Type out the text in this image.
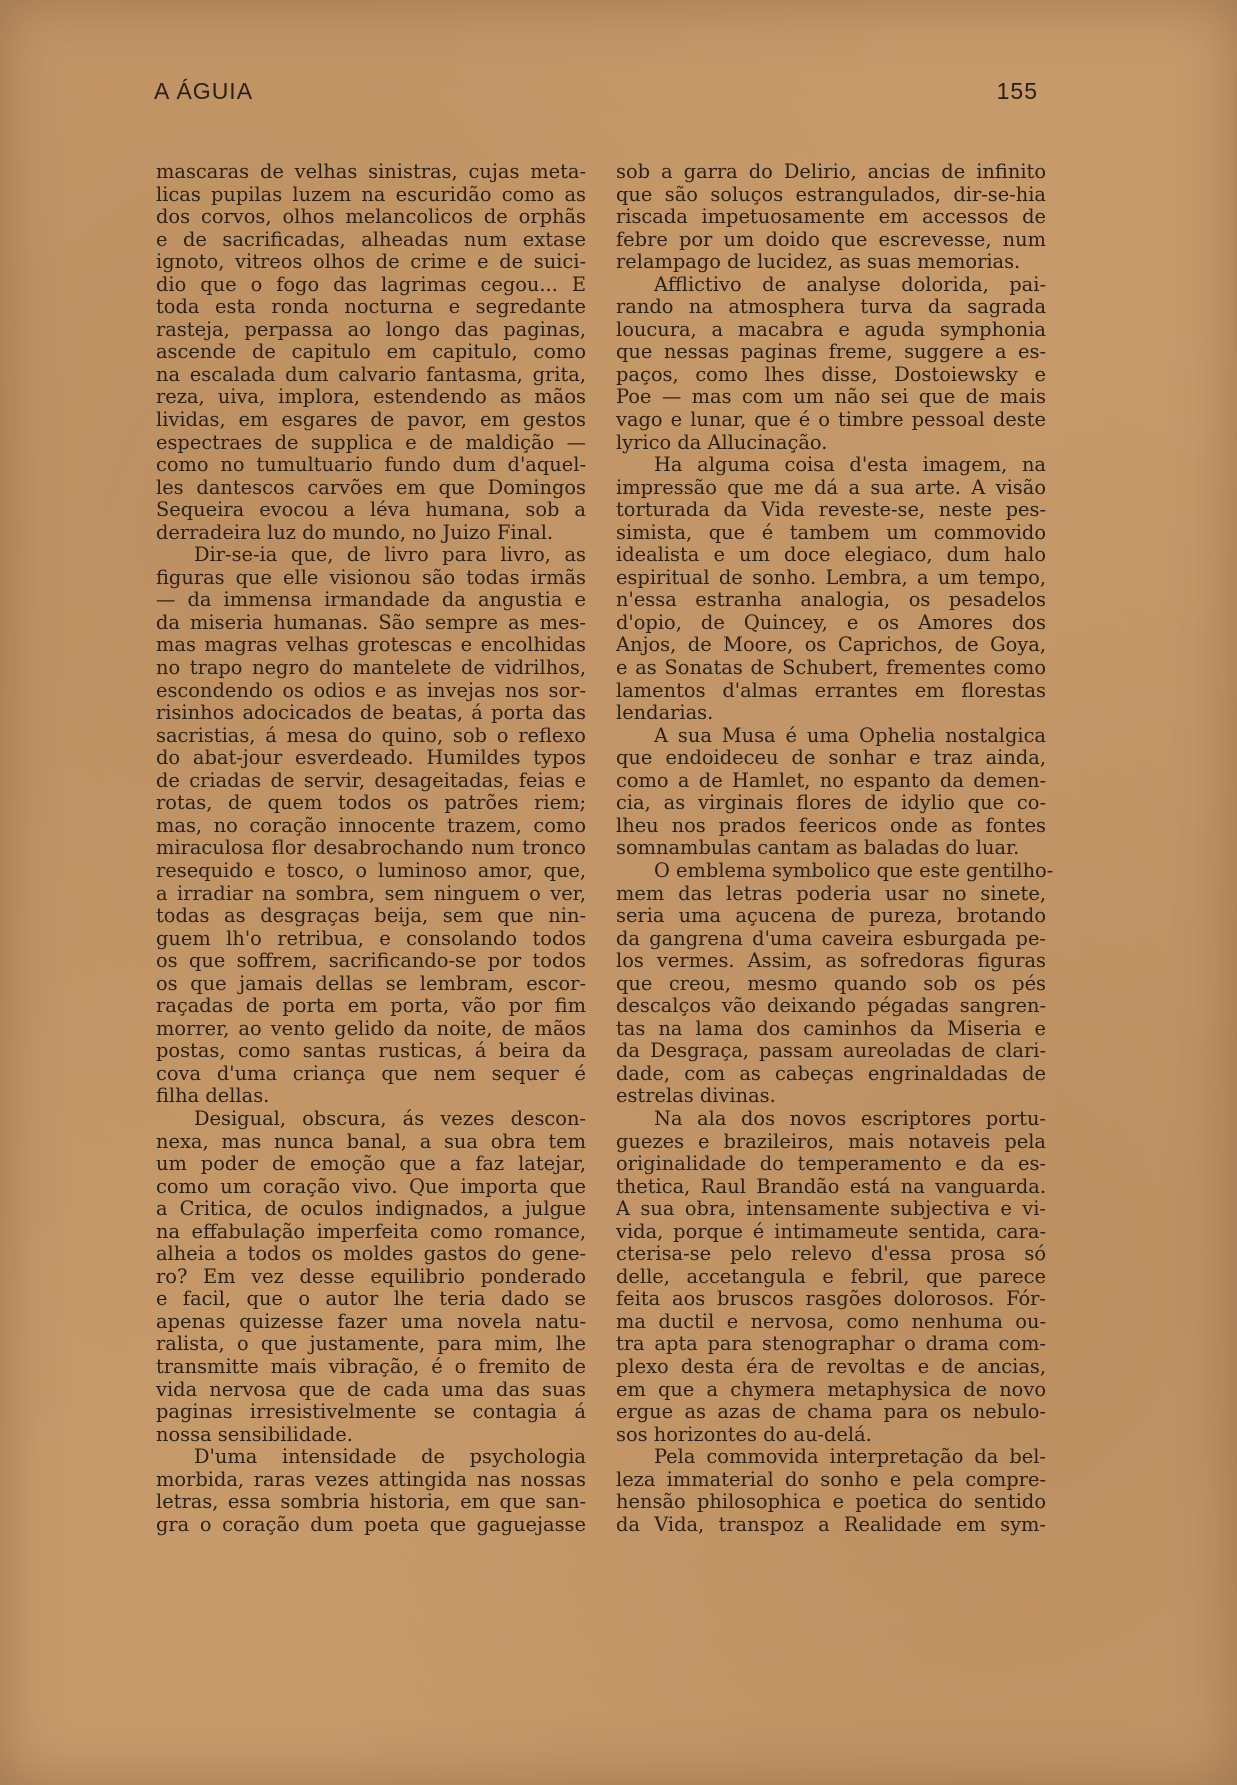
A ÁGUIA	155
mascaras de velhas sinistras, cujas meta-
licas pupilas luzem na escuridão como as
dos corvos, olhos melancolicos de orphãs
e de sacrificadas, alheadas num extase
ignoto, vitreos olhos de crime e de suici-
dio que o fogo das lagrimas cegou... E
toda esta ronda nocturna e segredante
rasteja, perpassa ao longo das paginas,
ascende de capitulo em capitulo, como
na escalada dum calvario fantasma, grita,
reza, uiva, implora, estendendo as mãos
lividas, em esgares de pavor, em gestos
espectraes de supplica e de maldição —
como no tumultuario fundo dum d'aquel-
les dantescos carvões em que Domingos
Sequeira evocou a léva humana, sob a
derradeira luz do mundo, no Juizo Final.
Dir-se-ia que, de livro para livro, as
figuras que elle visionou são todas irmãs
— da immensa irmandade da angustia e
da miseria humanas. São sempre as mes-
mas magras velhas grotescas e encolhidas
no trapo negro do mantelete de vidrilhos,
escondendo os odios e as invejas nos sor-
risinhos adocicados de beatas, á porta das
sacristias, á mesa do quino, sob o reflexo
do abat-jour esverdeado. Humildes typos
de criadas de servir, desageitadas, feias e
rotas, de quem todos os patrões riem;
mas, no coração innocente trazem, como
miraculosa flor desabrochando num tronco
resequido e tosco, o luminoso amor, que,
a irradiar na sombra, sem ninguem o ver,
todas as desgraças beija, sem que nin-
guem lh'o retribua, e consolando todos
os que soffrem, sacrificando-se por todos
os que jamais dellas se lembram, escor-
raçadas de porta em porta, vão por fim
morrer, ao vento gelido da noite, de mãos
postas, como santas rusticas, á beira da
cova d'uma criança que nem sequer é
filha dellas.
Desigual, obscura, ás vezes descon-
nexa, mas nunca banal, a sua obra tem
um poder de emoção que a faz latejar,
como um coração vivo. Que importa que
a Critica, de oculos indignados, a julgue
na effabulação imperfeita como romance,
alheia a todos os moldes gastos do gene-
ro? Em vez desse equilibrio ponderado
e facil, que o autor lhe teria dado se
apenas quizesse fazer uma novela natu-
ralista, o que justamente, para mim, lhe
transmitte mais vibração, é o fremito de
vida nervosa que de cada uma das suas
paginas irresistivelmente se contagia á
nossa sensibilidade.
D'uma intensidade de psychologia
morbida, raras vezes attingida nas nossas
letras, essa sombria historia, em que san-
gra o coração dum poeta que gaguejasse
sob a garra do Delirio, ancias de infinito
que são soluços estrangulados, dir-se-hia
riscada impetuosamente em accessos de
febre por um doido que escrevesse, num
relampago de lucidez, as suas memorias.
Afflictivo de analyse dolorida, pai-
rando na atmosphera turva da sagrada
loucura, a macabra e aguda symphonia
que nessas paginas freme, suggere a es-
paços, como lhes disse, Dostoiewsky e
Poe — mas com um não sei que de mais
vago e lunar, que é o timbre pessoal deste
lyrico da Allucinação.
Ha alguma coisa d'esta imagem, na
impressão que me dá a sua arte. A visão
torturada da Vida reveste-se, neste pes-
simista, que é tambem um commovido
idealista e um doce elegiaco, dum halo
espiritual de sonho. Lembra, a um tempo,
n'essa estranha analogia, os pesadelos
d'opio, de Quincey, e os Amores dos
Anjos, de Moore, os Caprichos, de Goya,
e as Sonatas de Schubert, frementes como
lamentos d'almas errantes em florestas
lendarias.
A sua Musa é uma Ophelia nostalgica
que endoideceu de sonhar e traz ainda,
como a de Hamlet, no espanto da demen-
cia, as virginais flores de idylio que co-
lheu nos prados feericos onde as fontes
somnambulas cantam as baladas do luar.
O emblema symbolico que este gentilho-
mem das letras poderia usar no sinete,
seria uma açucena de pureza, brotando
da gangrena d'uma caveira esburgada pe-
los vermes. Assim, as sofredoras figuras
que creou, mesmo quando sob os pés
descalços vão deixando pégadas sangren-
tas na lama dos caminhos da Miseria e
da Desgraça, passam aureoladas de clari-
dade, com as cabeças engrinaldadas de
estrelas divinas.
Na ala dos novos escriptores portu-
guezes e brazileiros, mais notaveis pela
originalidade do temperamento e da es-
thetica, Raul Brandão está na vanguarda.
A sua obra, intensamente subjectiva e vi-
vida, porque é intimameute sentida, cara-
cterisa-se pelo relevo d'essa prosa só
delle, accetangula e febril, que parece
feita aos bruscos rasgões dolorosos. Fór-
ma ductil e nervosa, como nenhuma ou-
tra apta para stenographar o drama com-
plexo desta éra de revoltas e de ancias,
em que a chymera metaphysica de novo
ergue as azas de chama para os nebulo-
sos horizontes do au-delá.
Pela commovida interpretação da bel-
leza immaterial do sonho e pela compre-
hensão philosophica e poetica do sentido
da Vida, transpoz a Realidade em sym-
